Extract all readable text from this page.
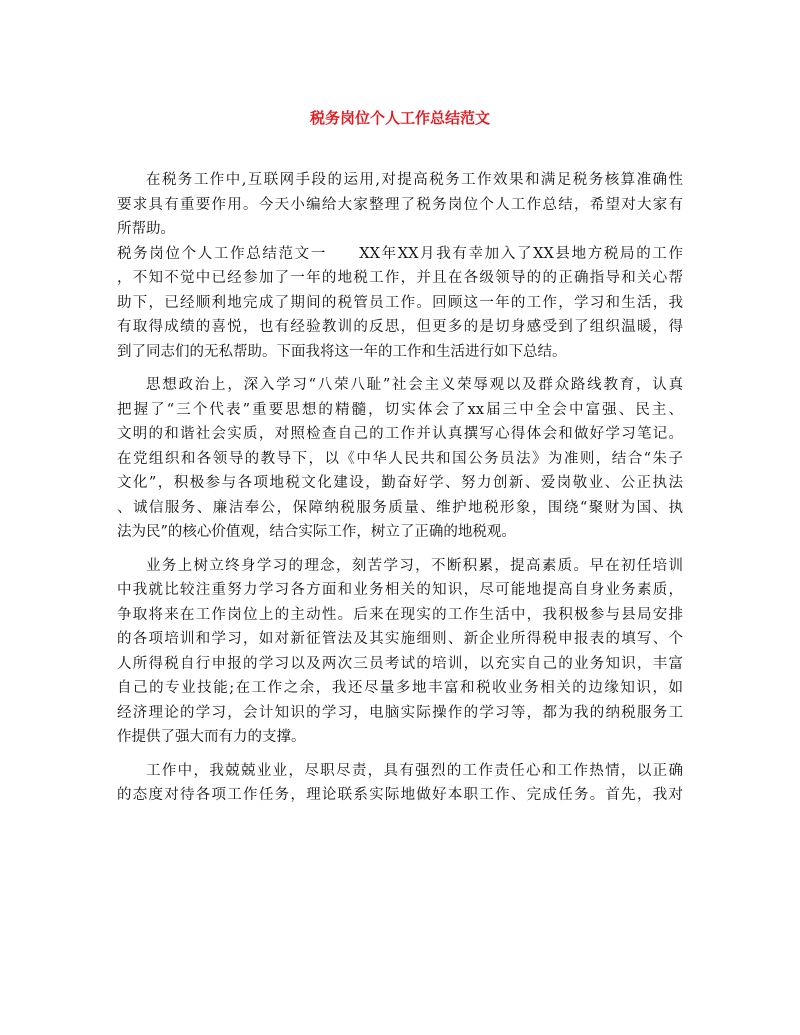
税务岗位个人工作总结范文
在税务工作中,互联网手段的运用,对提高税务工作效果和满足税务核算准确性
要求具有重要作用。今天小编给大家整理了税务岗位个人工作总结，希望对大家有
所帮助。
税务岗位个人工作总结范文一　　XX年XX月我有幸加入了XX县地方税局的工作
，不知不觉中已经参加了一年的地税工作，并且在各级领导的的正确指导和关心帮
助下，已经顺利地完成了期间的税管员工作。回顾这一年的工作，学习和生活，我
有取得成绩的喜悦，也有经验教训的反思，但更多的是切身感受到了组织温暖，得
到了同志们的无私帮助。下面我将这一年的工作和生活进行如下总结。
思想政治上，深入学习“八荣八耻”社会主义荣辱观以及群众路线教育，认真
把握了“三个代表”重要思想的精髓，切实体会了xx届三中全会中富强、民主、
文明的和谐社会实质，对照检查自己的工作并认真撰写心得体会和做好学习笔记。
在党组织和各领导的教导下，以《中华人民共和国公务员法》为准则，结合“朱子
文化”，积极参与各项地税文化建设，勤奋好学、努力创新、爱岗敬业、公正执法
、诚信服务、廉洁奉公，保障纳税服务质量、维护地税形象，围绕“聚财为国、执
法为民”的核心价值观，结合实际工作，树立了正确的地税观。
业务上树立终身学习的理念，刻苦学习，不断积累，提高素质。早在初任培训
中我就比较注重努力学习各方面和业务相关的知识，尽可能地提高自身业务素质，
争取将来在工作岗位上的主动性。后来在现实的工作生活中，我积极参与县局安排
的各项培训和学习，如对新征管法及其实施细则、新企业所得税申报表的填写、个
人所得税自行申报的学习以及两次三员考试的培训，以充实自己的业务知识，丰富
自己的专业技能;在工作之余，我还尽量多地丰富和税收业务相关的边缘知识，如
经济理论的学习，会计知识的学习，电脑实际操作的学习等，都为我的纳税服务工
作提供了强大而有力的支撑。
工作中，我兢兢业业，尽职尽责，具有强烈的工作责任心和工作热情，以正确
的态度对待各项工作任务，理论联系实际地做好本职工作、完成任务。首先，我对
